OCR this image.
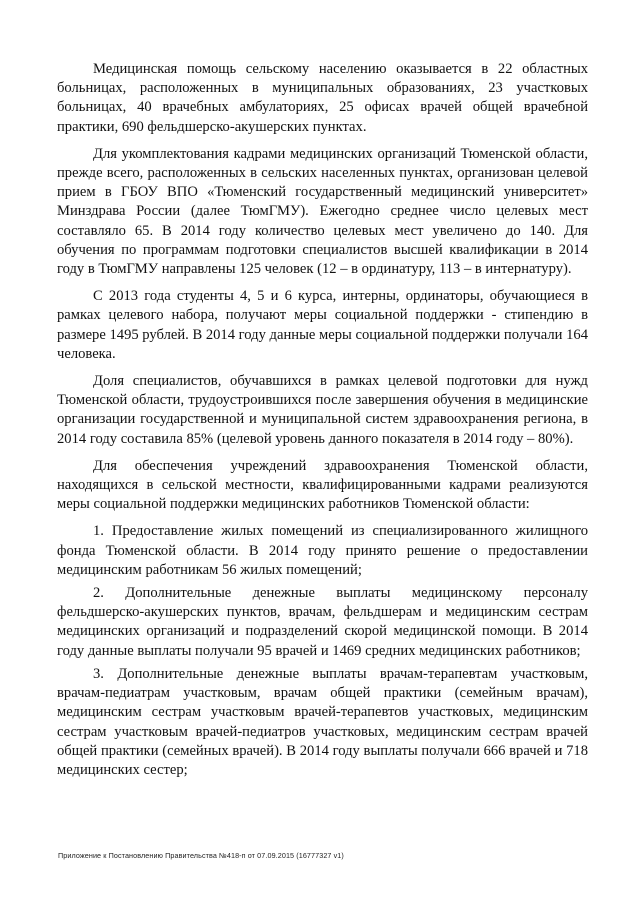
Медицинская помощь сельскому населению оказывается в 22 областных больницах, расположенных в муниципальных образованиях, 23 участковых больницах, 40 врачебных амбулаториях, 25 офисах врачей общей врачебной практики, 690 фельдшерско-акушерских пунктах.

Для укомплектования кадрами медицинских организаций Тюменской области, прежде всего, расположенных в сельских населенных пунктах, организован целевой прием в ГБОУ ВПО «Тюменский государственный медицинский университет» Минздрава России (далее ТюмГМУ). Ежегодно среднее число целевых мест составляло 65. В 2014 году количество целевых мест увеличено до 140. Для обучения по программам подготовки специалистов высшей квалификации в 2014 году в ТюмГМУ направлены 125 человек (12 – в ординатуру, 113 – в интернатуру).

С 2013 года студенты 4, 5 и 6 курса, интерны, ординаторы, обучающиеся в рамках целевого набора, получают меры социальной поддержки - стипендию в размере 1495 рублей. В 2014 году данные меры социальной поддержки получали 164 человека.

Доля специалистов, обучавшихся в рамках целевой подготовки для нужд Тюменской области, трудоустроившихся после завершения обучения в медицинские организации государственной и муниципальной систем здравоохранения региона, в 2014 году составила 85% (целевой уровень данного показателя в 2014 году – 80%).

Для обеспечения учреждений здравоохранения Тюменской области, находящихся в сельской местности, квалифицированными кадрами реализуются меры социальной поддержки медицинских работников Тюменской области:

1. Предоставление жилых помещений из специализированного жилищного фонда Тюменской области. В 2014 году принято решение о предоставлении медицинским работникам 56 жилых помещений;

2. Дополнительные денежные выплаты медицинскому персоналу фельдшерско-акушерских пунктов, врачам, фельдшерам и медицинским сестрам медицинских организаций и подразделений скорой медицинской помощи. В 2014 году данные выплаты получали 95 врачей и 1469 средних медицинских работников;

3. Дополнительные денежные выплаты врачам-терапевтам участковым, врачам-педиатрам участковым, врачам общей практики (семейным врачам), медицинским сестрам участковым врачей-терапевтов участковых, медицинским сестрам участковым врачей-педиатров участковых, медицинским сестрам врачей общей практики (семейных врачей). В 2014 году выплаты получали 666 врачей и 718 медицинских сестер;

Приложение к Постановлению Правительства №418-п от 07.09.2015 (16777327 v1)
